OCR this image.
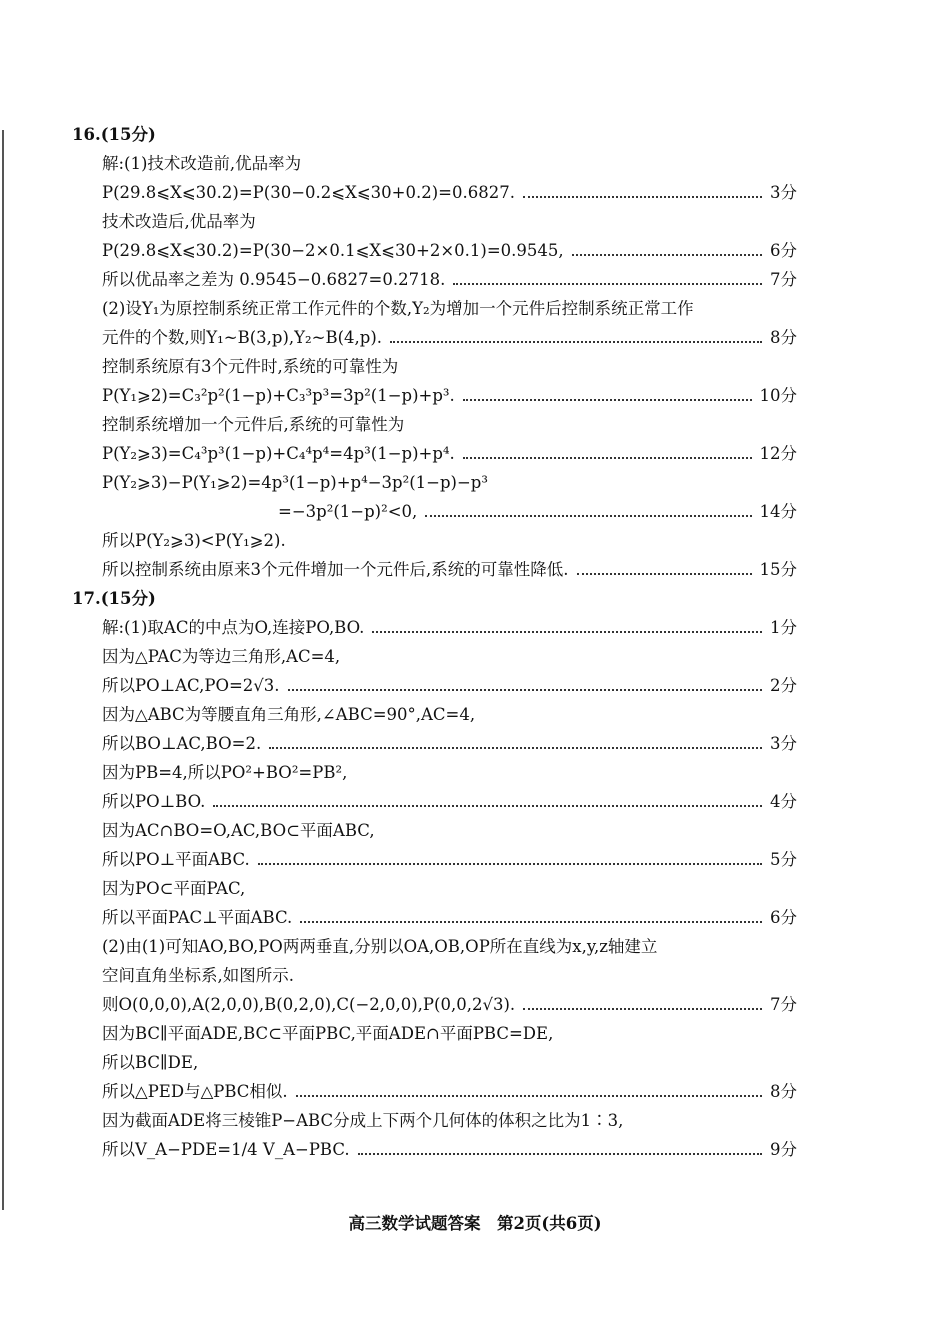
16.(15分)
解:(1)技术改造前,优品率为
P(29.8⩽X⩽30.2)=P(30−0.2⩽X⩽30+0.2)=0.6827.	3分
技术改造后,优品率为
P(29.8⩽X⩽30.2)=P(30−2×0.1⩽X⩽30+2×0.1)=0.9545,	6分
所以优品率之差为 0.9545−0.6827=0.2718.	7分
(2)设Y₁为原控制系统正常工作元件的个数,Y₂为增加一个元件后控制系统正常工作
元件的个数,则Y₁~B(3,p),Y₂~B(4,p).	8分
控制系统原有3个元件时,系统的可靠性为
P(Y₁⩾2)=C₃²p²(1−p)+C₃³p³=3p²(1−p)+p³.	10分
控制系统增加一个元件后,系统的可靠性为
P(Y₂⩾3)=C₄³p³(1−p)+C₄⁴p⁴=4p³(1−p)+p⁴.	12分
P(Y₂⩾3)−P(Y₁⩾2)=4p³(1−p)+p⁴−3p²(1−p)−p³
=−3p²(1−p)²<0,	14分
所以P(Y₂⩾3)<P(Y₁⩾2).
所以控制系统由原来3个元件增加一个元件后,系统的可靠性降低.	15分
17.(15分)
解:(1)取AC的中点为O,连接PO,BO.	1分
因为△PAC为等边三角形,AC=4,
所以PO⊥AC,PO=2√3.	2分
因为△ABC为等腰直角三角形,∠ABC=90°,AC=4,
所以BO⊥AC,BO=2.	3分
因为PB=4,所以PO²+BO²=PB²,
所以PO⊥BO.	4分
因为AC∩BO=O,AC,BO⊂平面ABC,
所以PO⊥平面ABC.	5分
因为PO⊂平面PAC,
所以平面PAC⊥平面ABC.	6分
(2)由(1)可知AO,BO,PO两两垂直,分别以OA,OB,OP所在直线为x,y,z轴建立
空间直角坐标系,如图所示.
则O(0,0,0),A(2,0,0),B(0,2,0),C(−2,0,0),P(0,0,2√3).	7分
因为BC∥平面ADE,BC⊂平面PBC,平面ADE∩平面PBC=DE,
所以BC∥DE,
所以△PED与△PBC相似.	8分
因为截面ADE将三棱锥P−ABC分成上下两个几何体的体积之比为1∶3,
所以V_A−PDE=1/4 V_A−PBC.	9分
高三数学试题答案　第2页(共6页)
